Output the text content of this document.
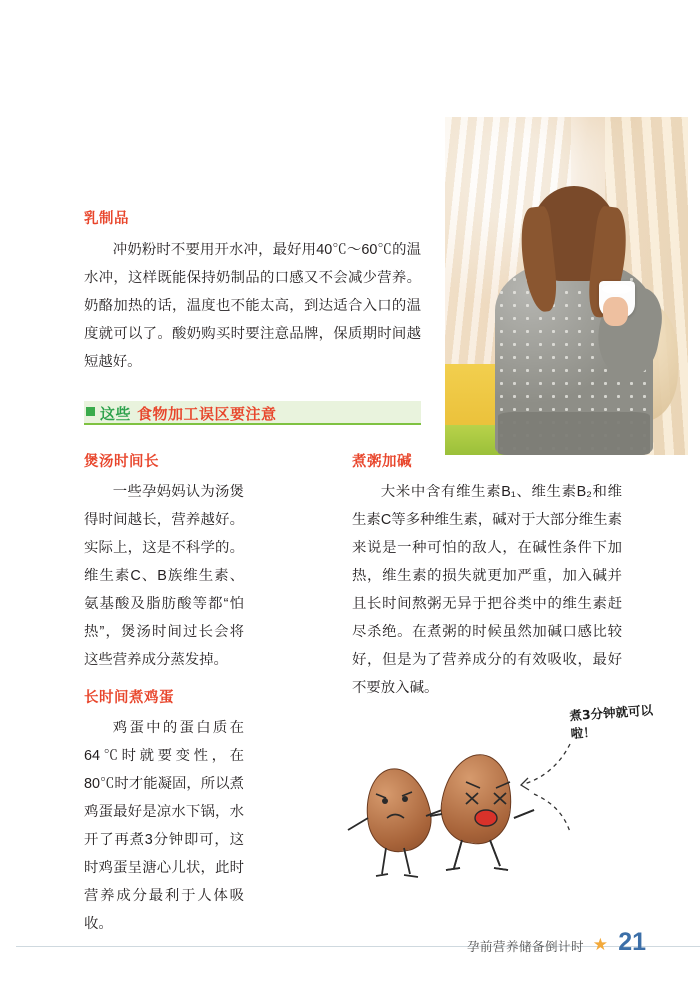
乳制品
冲奶粉时不要用开水冲，最好用40℃～60℃的温水冲，这样既能保持奶制品的口感又不会减少营养。奶酪加热的话，温度也不能太高，到达适合入口的温度就可以了。酸奶购买时要注意品牌，保质期时间越短越好。
这些 食物加工误区要注意
煲汤时间长
一些孕妈妈认为汤煲得时间越长，营养越好。实际上，这是不科学的。维生素C、B族维生素、氨基酸及脂肪酸等都“怕热”，煲汤时间过长会将这些营养成分蒸发掉。
长时间煮鸡蛋
鸡蛋中的蛋白质在64℃时就要变性，在80℃时才能凝固，所以煮鸡蛋最好是凉水下锅，水开了再煮3分钟即可，这时鸡蛋呈溏心儿状，此时营养成分最利于人体吸收。
煮粥加碱
大米中含有维生素B₁、维生素B₂和维生素C等多种维生素，碱对于大部分维生素来说是一种可怕的敌人，在碱性条件下加热，维生素的损失就更加严重，加入碱并且长时间熬粥无异于把谷类中的维生素赶尽杀绝。在煮粥的时候虽然加碱口感比较好，但是为了营养成分的有效吸收，最好不要放入碱。
煮3分钟就可以啦！
孕前营养储备倒计时 ★ 21
